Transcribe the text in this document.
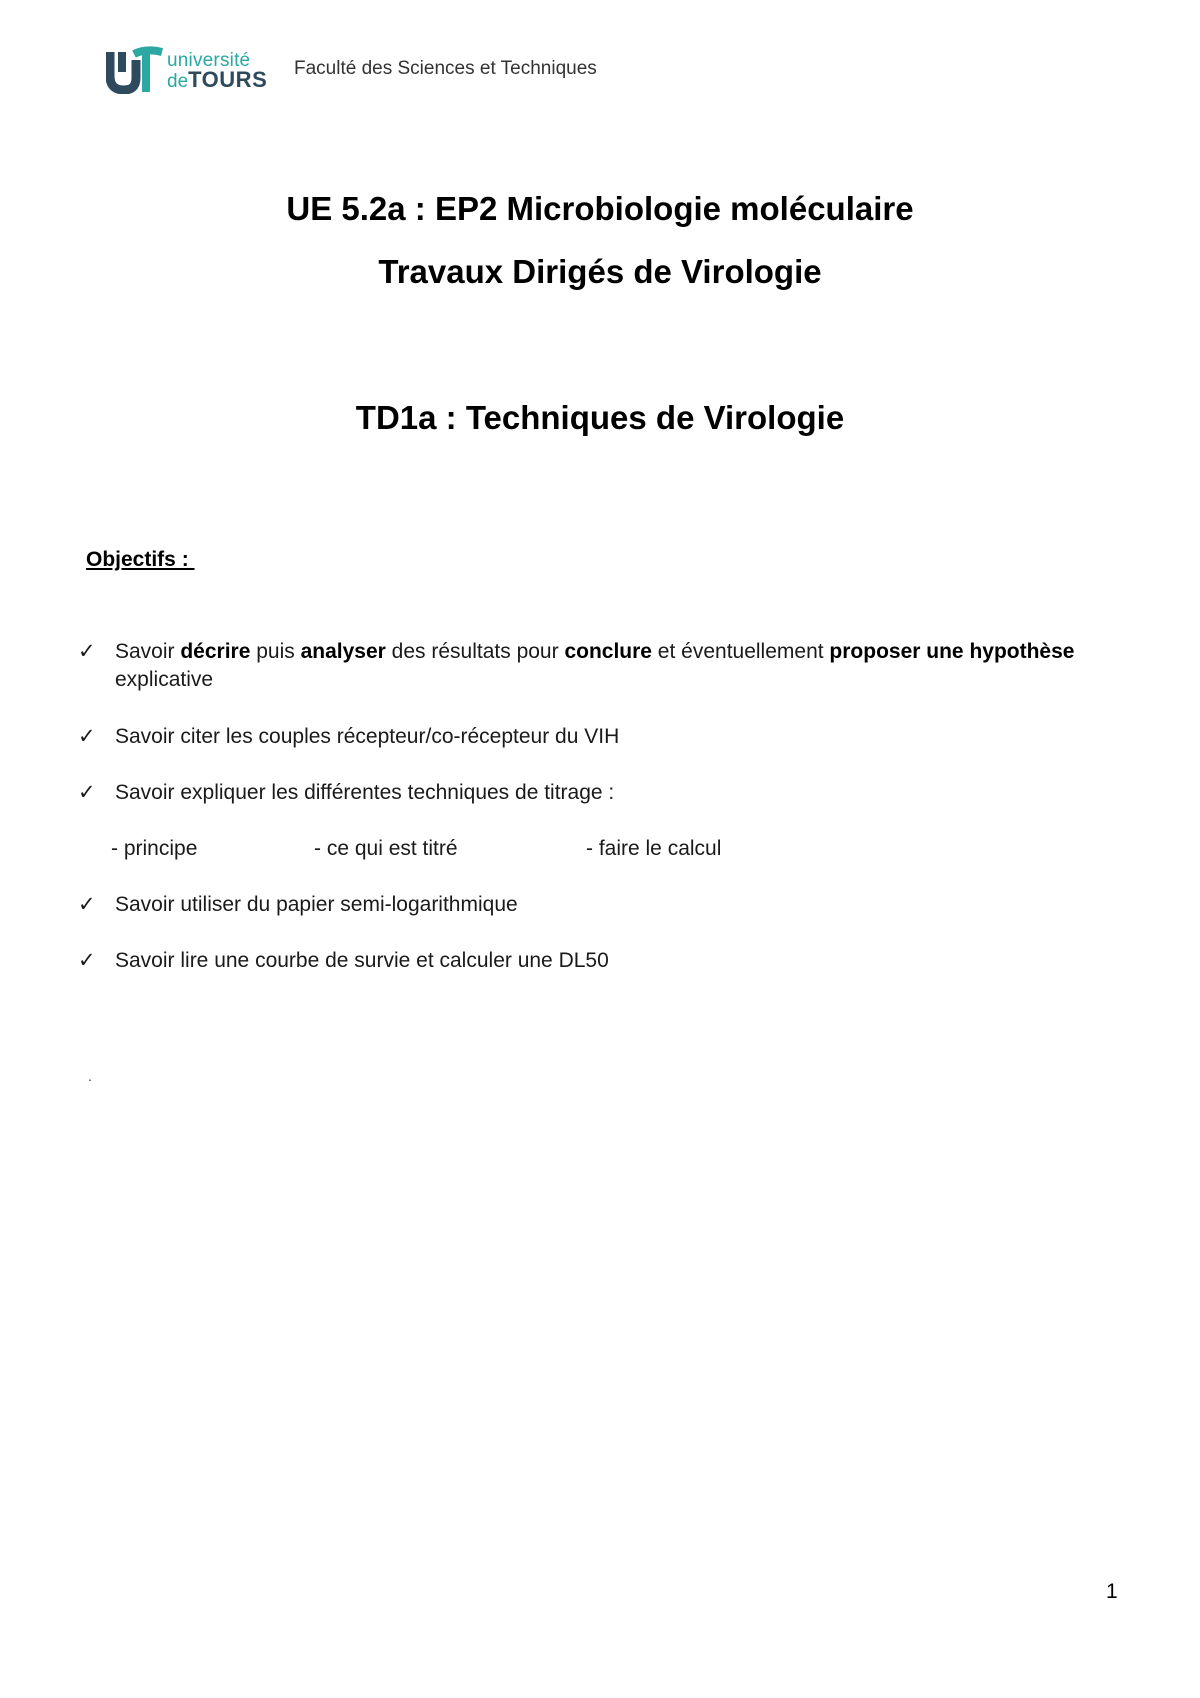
université
deTOURS Faculté des Sciences et Techniques
UE 5.2a : EP2 Microbiologie moléculaire
Travaux Dirigés de Virologie
TD1a : Techniques de Virologie
Objectifs :
✓ Savoir décrire puis analyser des résultats pour conclure et éventuellement proposer une hypothèse explicative
✓ Savoir citer les couples récepteur/co-récepteur du VIH
✓ Savoir expliquer les différentes techniques de titrage :
- principe	- ce qui est titré	- faire le calcul
✓ Savoir utiliser du papier semi-logarithmique
✓ Savoir lire une courbe de survie et calculer une DL50
.
1
